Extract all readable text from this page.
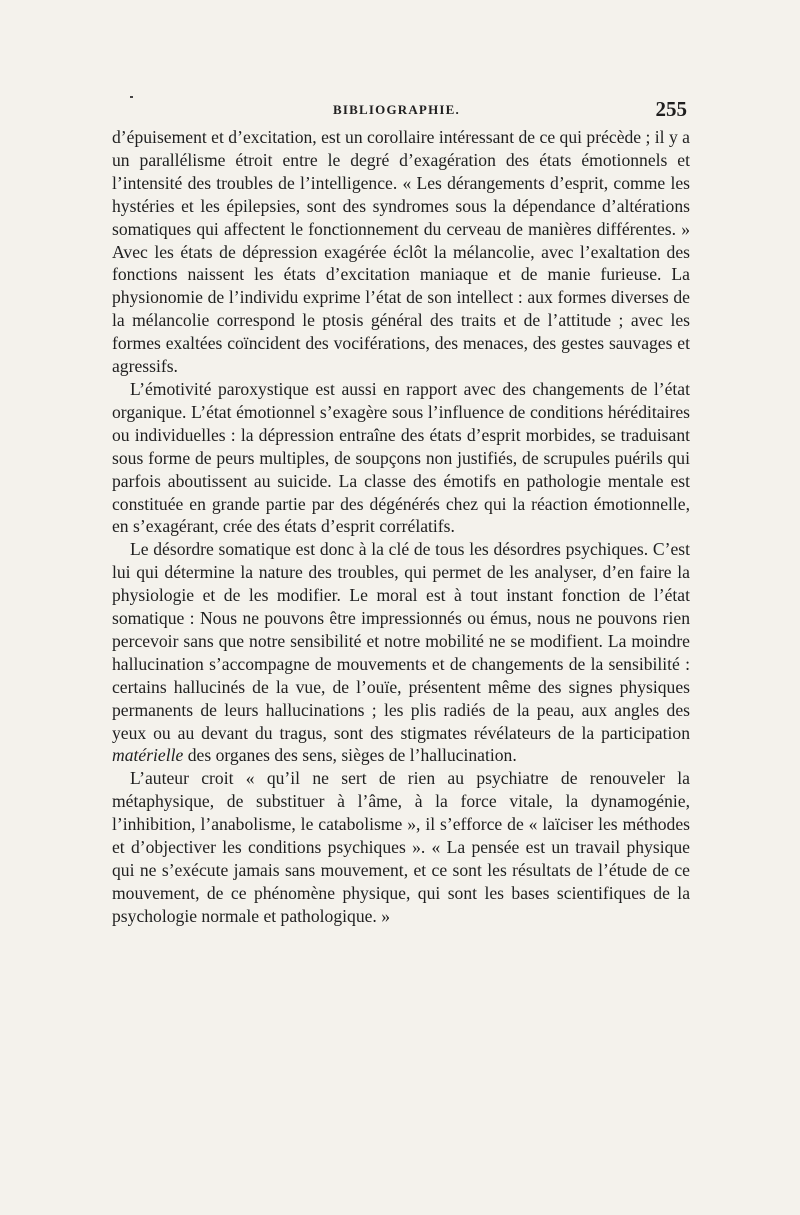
BIBLIOGRAPHIE.	255

d’épuisement et d’excitation, est un corollaire intéressant de ce qui précède ; il y a un parallélisme étroit entre le degré d’exagération des états émotionnels et l’intensité des troubles de l’intelligence. « Les dérangements d’esprit, comme les hystéries et les épilepsies, sont des syndromes sous la dépendance d’altérations somatiques qui affectent le fonctionnement du cerveau de manières différentes. » Avec les états de dépression exagérée éclôt la mélancolie, avec l’exaltation des fonctions naissent les états d’excitation maniaque et de manie furieuse. La physionomie de l’individu exprime l’état de son intellect : aux formes diverses de la mélancolie correspond le ptosis général des traits et de l’attitude ; avec les formes exaltées coïncident des vociférations, des menaces, des gestes sauvages et agressifs.

L’émotivité paroxystique est aussi en rapport avec des changements de l’état organique. L’état émotionnel s’exagère sous l’influence de conditions héréditaires ou individuelles : la dépression entraîne des états d’esprit morbides, se traduisant sous forme de peurs multiples, de soupçons non justifiés, de scrupules puérils qui parfois aboutissent au suicide. La classe des émotifs en pathologie mentale est constituée en grande partie par des dégénérés chez qui la réaction émotionnelle, en s’exagérant, crée des états d’esprit corrélatifs.

Le désordre somatique est donc à la clé de tous les désordres psychiques. C’est lui qui détermine la nature des troubles, qui permet de les analyser, d’en faire la physiologie et de les modifier. Le moral est à tout instant fonction de l’état somatique : Nous ne pouvons être impressionnés ou émus, nous ne pouvons rien percevoir sans que notre sensibilité et notre mobilité ne se modifient. La moindre hallucination s’accompagne de mouvements et de changements de la sensibilité : certains hallucinés de la vue, de l’ouïe, présentent même des signes physiques permanents de leurs hallucinations ; les plis radiés de la peau, aux angles des yeux ou au devant du tragus, sont des stigmates révélateurs de la participation matérielle des organes des sens, sièges de l’hallucination.

L’auteur croit « qu’il ne sert de rien au psychiatre de renouveler la métaphysique, de substituer à l’âme, à la force vitale, la dynamogénie, l’inhibition, l’anabolisme, le catabolisme », il s’efforce de « laïciser les méthodes et d’objectiver les conditions psychiques ». « La pensée est un travail physique qui ne s’exécute jamais sans mouvement, et ce sont les résultats de l’étude de ce mouvement, de ce phénomène physique, qui sont les bases scientifiques de la psychologie normale et pathologique. »
